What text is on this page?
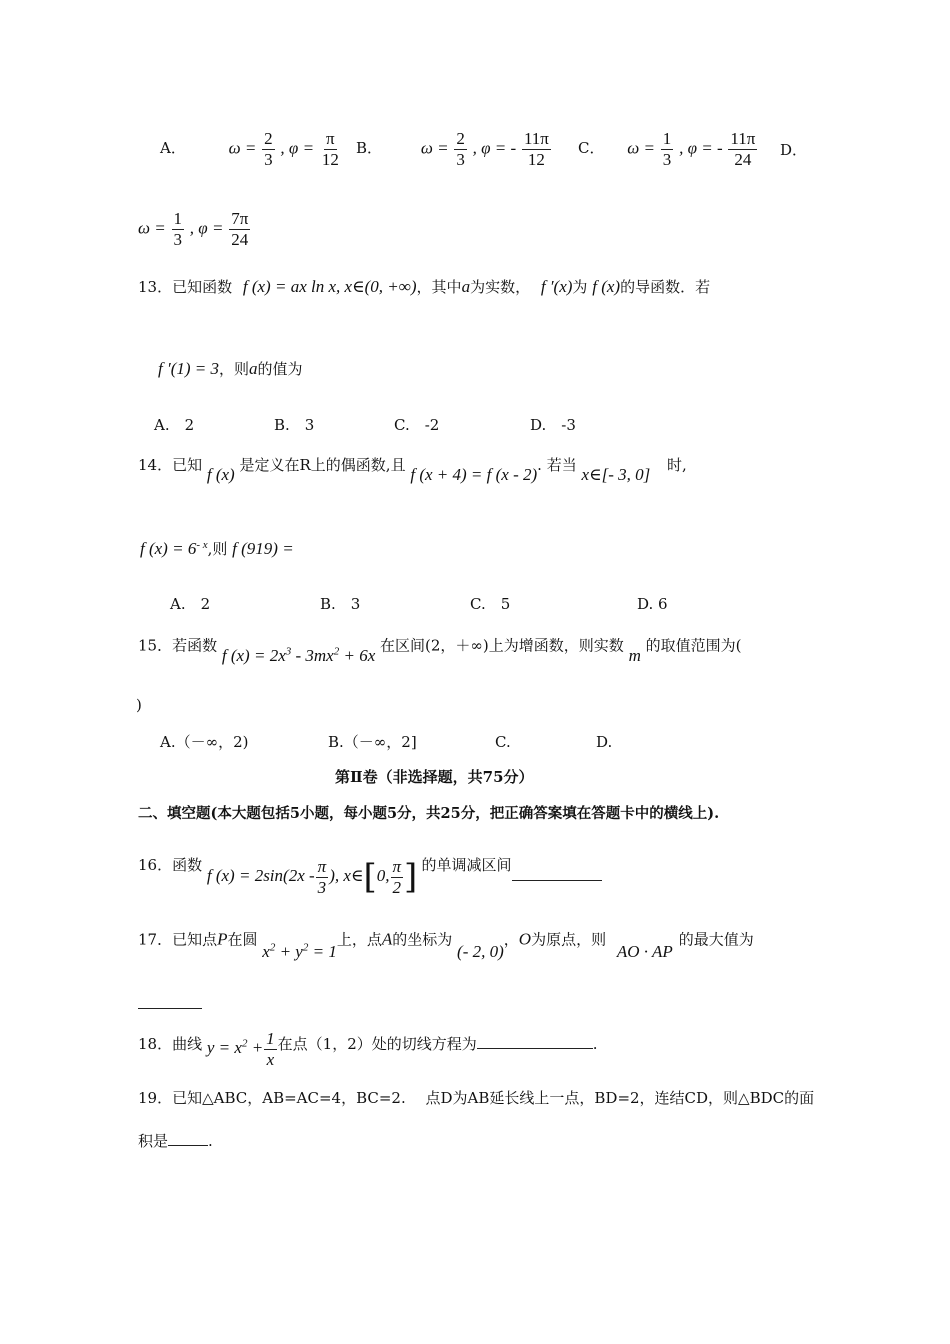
A．	$\omega = \frac{2}{3}$ , $\varphi = \frac{\pi}{12}$ B． $\omega = \frac{2}{3}$ , φ = - $\frac{11\pi}{12}$ C． $\omega = \frac{1}{3}$ , φ = - $\frac{11\pi}{24}$ D．
$\omega = \frac{1}{3}$ , $\varphi = \frac{7\pi}{24}$
13．已知函数 f (x) = ax ln x, x∈(0, +∞)，其中a为实数， f ′(x)为 f (x)的导函数．若
f ′(1) = 3，则a的值为
A.　2	B.　3	C.　-2	D.　-3
14．已知 f (x) 是定义在R上的偶函数,且 f (x + 4) = f (x - 2). 若当 x∈[- 3, 0] 时,
f $(x) = 6^{- x}$,则 f (919) =
A.　2	B.　3	C.　5	D. 6
15．若函数 f $(x) = 2x^3 - 3mx^2 + 6x$ 在区间(2，＋∞)上为增函数，则实数 m 的取值范围为(
)
A.（－∞，2)	B.（－∞，2]	C.	D.
第Ⅱ卷（非选择题，共75分）
二、填空题(本大题包括5小题，每小题5分，共25分，把正确答案填在答题卡中的横线上).
16．函数 f $(x) = 2\sin(2x - \frac{\pi}{3}$ ), x∈[0, $\frac{\pi}{2}$ ] 的单调减区间
17．已知点P在圆 $x^2 + y^2 = 1$上，点A的坐标为 (- 2, 0)，O为原点，则 AO · AP的最大值为
18．曲线 $y = x^2 + \frac{1}{x}$ 在点（1，2）处的切线方程为	.
19．已知△ABC，AB=AC=4，BC=2.　 点D为AB延长线上一点，BD=2，连结CD，则△BDC的面
积是	.
